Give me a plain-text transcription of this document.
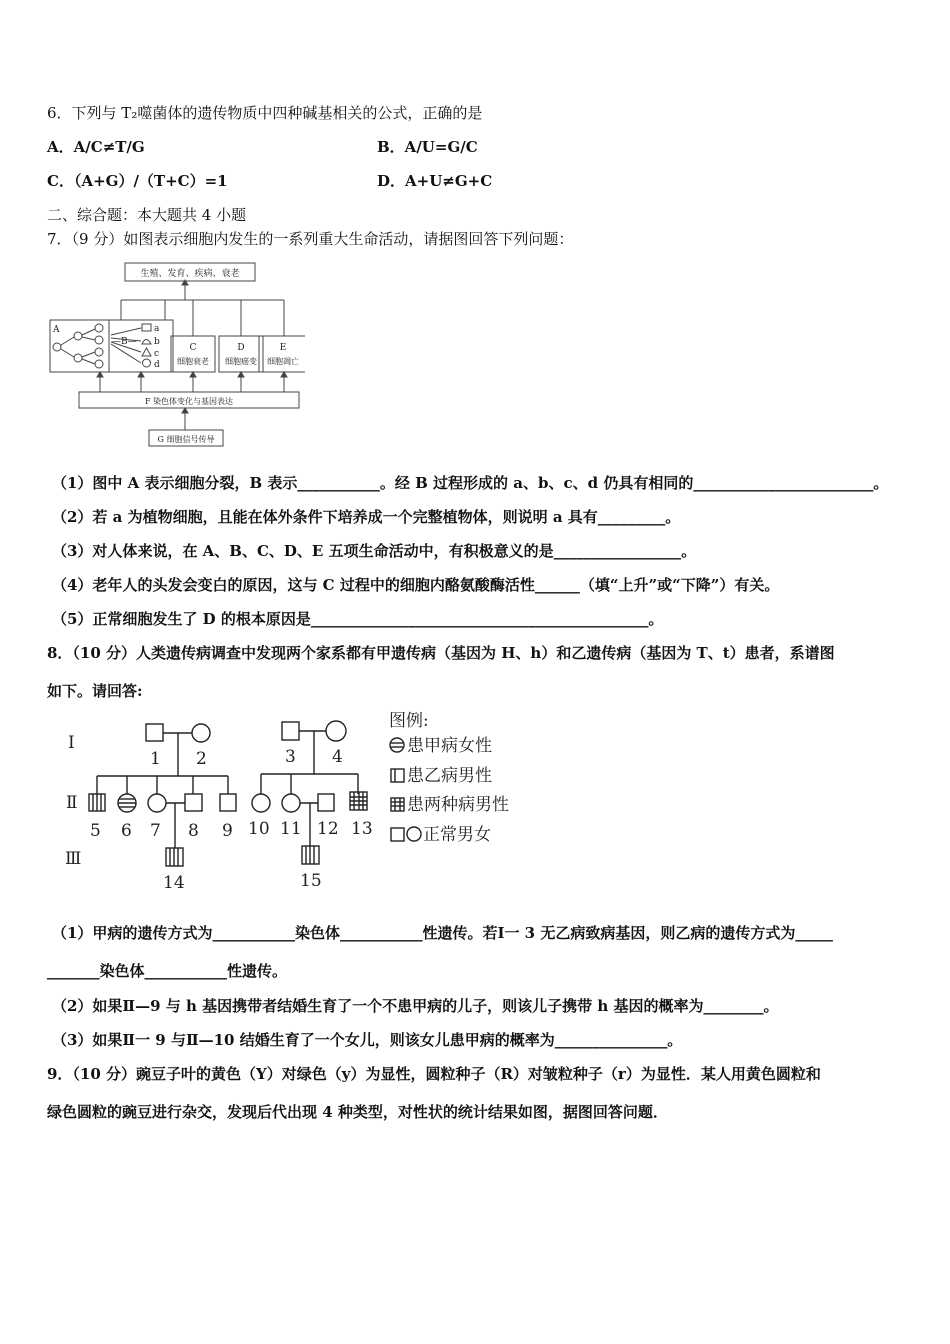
6．下列与 T₂噬菌体的遗传物质中四种碱基相关的公式，正确的是
A．A/C≠T/G	B．A/U=G/C
C．（A+G）/（T+C）=1	D．A+U≠G+C
二、综合题：本大题共 4 小题
7．（9 分）如图表示细胞内发生的一系列重大生命活动，请据图回答下列问题：
生殖、发育、疾病、衰老
A
—B—
a
b
c
d
C
细胞衰老
D
细胞癌变
E
细胞凋亡
F 染色体变化与基因表达
G 细胞信号传导
（1）图中 A 表示细胞分裂，B 表示___________。经 B 过程形成的 a、b、c、d 仍具有相同的________________________。
（2）若 a 为植物细胞，且能在体外条件下培养成一个完整植物体，则说明 a 具有_________。
（3）对人体来说，在 A、B、C、D、E 五项生命活动中，有积极意义的是_________________。
（4）老年人的头发会变白的原因，这与 C 过程中的细胞内酪氨酸酶活性______（填“上升”或“下降”）有关。
（5）正常细胞发生了 D 的根本原因是_____________________________________________。
8．（10 分）人类遗传病调查中发现两个家系都有甲遗传病（基因为 H、h）和乙遗传病（基因为 T、t）患者，系谱图
如下。请回答:
Ⅰ
Ⅱ
Ⅲ
1 2	3 4
5 6 7 8 9 10 11 12 13
14	15
图例:
患甲病女性
患乙病男性
患两种病男性
正常男女
（1）甲病的遗传方式为___________染色体___________性遗传。若Ⅰ一 3 无乙病致病基因，则乙病的遗传方式为_____
_______染色体___________性遗传。
（2）如果Ⅱ—9 与 h 基因携带者结婚生育了一个不患甲病的儿子，则该儿子携带 h 基因的概率为________。
（3）如果Ⅱ一 9 与Ⅱ—10 结婚生育了一个女儿，则该女儿患甲病的概率为_______________。
9．（10 分）豌豆子叶的黄色（Y）对绿色（y）为显性，圆粒种子（R）对皱粒种子（r）为显性．某人用黄色圆粒和
绿色圆粒的豌豆进行杂交，发现后代出现 4 种类型，对性状的统计结果如图，据图回答问题．
